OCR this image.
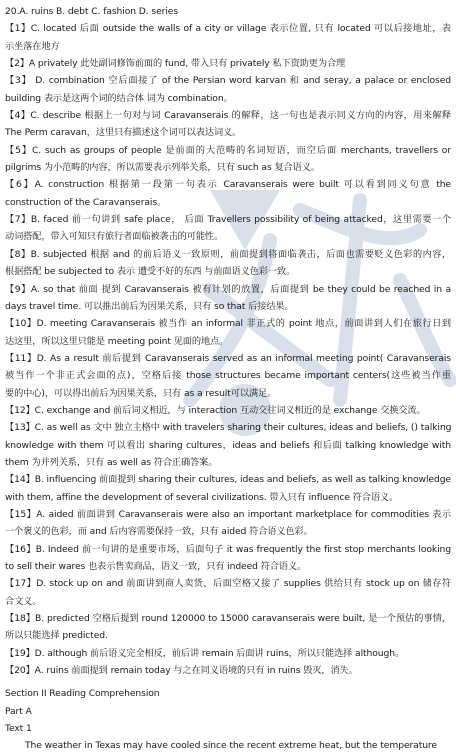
20.A. ruins B. debt C. fashion D. series
【1】C. located 后面 outside the walls of a city or village 表示位置, 只有 located 可以后接地址，表
示坐落在地方
【2】A privately 此处副词修饰前面的 fund, 带入只有 privately 私下资助更为合理
【3】 D. combination 空后面接了 of the Persian word karvan 和 and seray, a palace or enclosed
building 表示是这两个词的结合体 词为 combination。
【4】C. describe 根据上一句对与词 Caravanserais 的解释，这一句也是表示同义方向的内容，用来解释
The Perm caravan，这里只有描述这个词可以表达词义。
【5】C. such as groups of people 是前面的大范畴的名词短语，而空后面 merchants, travellers or
pilgrims 为小范畴的内容，所以需要表示列举关系，只有 such as 复合语义。
【6】A. construction 根据第一段第一句表示 Caravanserais were built 可以看到同义句意 the
construction of the Caravanserais。
【7】B. faced 前一句讲到 safe place， 后面 Travellers possibility of being attacked，这里需要一个
动词搭配，带入可知只有旅行者面临被袭击的可能性。
【8】B. subjected 根据 and 的前后语义一致原则，前面提到将面临袭击，后面也需要贬义色彩的内容，
根据搭配 be subjected to 表示 遭受不好的东西 与前面语义色彩一致。
【9】A. so that 前面 提到 Caravanserais 被有计划的放置，后面提到 be they could be reached in a
days travel time. 可以推出前后为因果关系，只有 so that 后接结果。
【10】D. meeting Caravanserais 被当作 an informal 非正式的 point 地点，前面讲到人们在旅行日到
达这里，所以这里只能是 meeting point 见面的地点。
【11】D. As a result 前后提到 Caravanserais served as an informal meeting point( Caravanserais
被当作一个非正式会面的点)，空格后接 those structures became important centers(这些被当作重
要的中心)，可以得出前后为因果关系，只有 as a result可以满足。
【12】C. exchange and 前后词义相近，与 interaction 互动交往词义相近的是 exchange 交换交流。
【13】C. as well as 文中 独立主格中 with travelers sharing their cultures, ideas and beliefs, () talking
knowledge with them 可以看出 sharing cultures，ideas and beliefs 和后面 talking knowledge with
them 为并列关系，只有 as well as 符合正确答案。
【14】B. influencing 前面提到 sharing their cultures, ideas and beliefs, as well as talking knowledge
with them, affine the development of several civilizations. 带入只有 influence 符合语义。
【15】A. aided 前面讲到 Caravanserais were also an important marketplace for commodities 表示
一个褒义的色彩，而 and 后内容需要保持一致，只有 aided 符合语义色彩。
【16】B. Indeed 前一句讲的是重要市场，后面句子 it was frequently the first stop merchants looking
to sell their wares 也表示售卖商品，语义一致，只有 indeed 符合语义。
【17】D. stock up on and 前面讲到商人卖货，后面空格又接了 supplies 供给只有 stock up on 储存符
合文义。
【18】B. predicted 空格后提到 round 120000 to 15000 caravanserais were built, 是一个预估的事情，
所以只能选择 predicted.
【19】D. although 前后语义完全相反，前后讲 remain 后面讲 ruins，所以只能选择 although。
【20】A. ruins 前面提到 remain today 与之在同义语境的只有 in ruins 毁灭，消失。
Section II Reading Comprehension
Part A
Text 1
The weather in Texas may have cooled since the recent extreme heat, but the temperature
